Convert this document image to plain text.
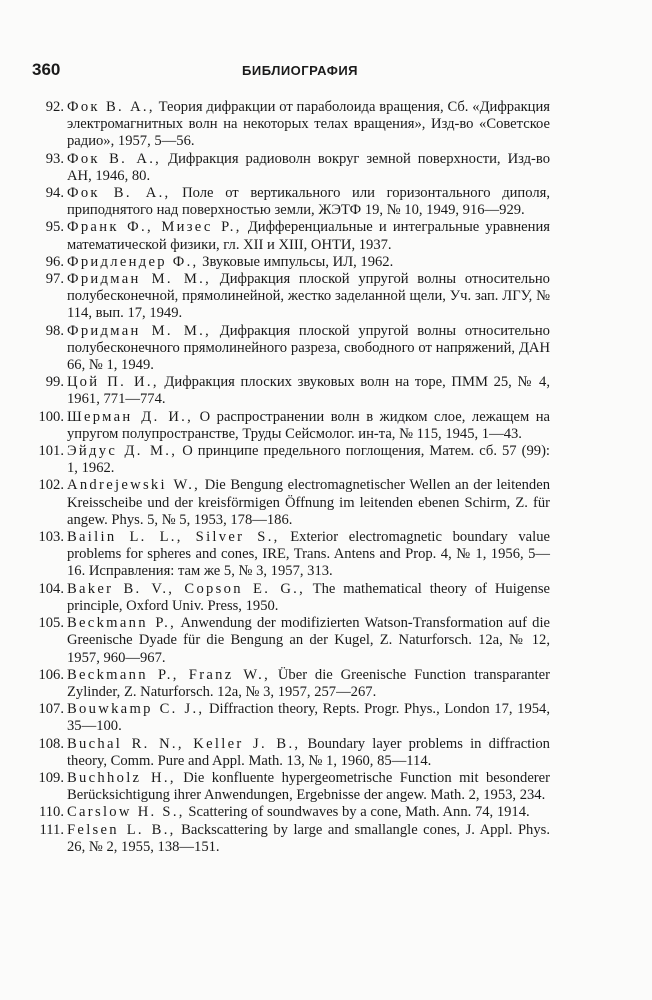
360	БИБЛИОГРАФИЯ
92. Фок В. А., Теория дифракции от параболоида вращения, Сб. «Дифракция электромагнитных волн на некоторых телах вращения», Изд-во «Советское радио», 1957, 5—56.
93. Фок В. А., Дифракция радиоволн вокруг земной поверхности, Изд-во АН, 1946, 80.
94. Фок В. А., Поле от вертикального или горизонтального диполя, приподнятого над поверхностью земли, ЖЭТФ 19, № 10, 1949, 916—929.
95. Франк Ф., Мизес Р., Дифференциальные и интегральные уравнения математической физики, гл. XII и XIII, ОНТИ, 1937.
96. Фридлендер Ф., Звуковые импульсы, ИЛ, 1962.
97. Фридман М. М., Дифракция плоской упругой волны относительно полубесконечной, прямолинейной, жестко заделанной щели, Уч. зап. ЛГУ, № 114, вып. 17, 1949.
98. Фридман М. М., Дифракция плоской упругой волны относительно полубесконечного прямолинейного разреза, свободного от напряжений, ДАН 66, № 1, 1949.
99. Цой П. И., Дифракция плоских звуковых волн на торе, ПММ 25, № 4, 1961, 771—774.
100. Шерман Д. И., О распространении волн в жидком слое, лежащем на упругом полупространстве, Труды Сейсмолог. ин-та, № 115, 1945, 1—43.
101. Эйдус Д. М., О принципе предельного поглощения, Матем. сб. 57 (99): 1, 1962.
102. Andrejewski W., Die Bengung electromagnetischer Wellen an der leitenden Kreisscheibe und der kreisförmigen Öffnung im leitenden ebenen Schirm, Z. für angew. Phys. 5, № 5, 1953, 178—186.
103. Bailin L. L., Silver S., Exterior electromagnetic boundary value problems for spheres and cones, IRE, Trans. Antens and Prop. 4, № 1, 1956, 5—16. Исправления: там же 5, № 3, 1957, 313.
104. Baker B. V., Copson E. G., The mathematical theory of Huigense principle, Oxford Univ. Press, 1950.
105. Beckmann P., Anwendung der modifizierten Watson-Transformation auf die Greenische Dyade für die Bengung an der Kugel, Z. Naturforsch. 12a, № 12, 1957, 960—967.
106. Beckmann P., Franz W., Über die Greenische Function transparanter Zylinder, Z. Naturforsch. 12a, № 3, 1957, 257—267.
107. Bouwkamp C. J., Diffraction theory, Repts. Progr. Phys., London 17, 1954, 35—100.
108. Buchal R. N., Keller J. B., Boundary layer problems in diffraction theory, Comm. Pure and Appl. Math. 13, № 1, 1960, 85—114.
109. Buchholz H., Die konfluente hypergeometrische Function mit besonderer Berücksichtigung ihrer Anwendungen, Ergebnisse der angew. Math. 2, 1953, 234.
110. Carslow H. S., Scattering of soundwaves by a cone, Math. Ann. 74, 1914.
111. Felsen L. B., Backscattering by large and smallangle cones, J. Appl. Phys. 26, № 2, 1955, 138—151.
